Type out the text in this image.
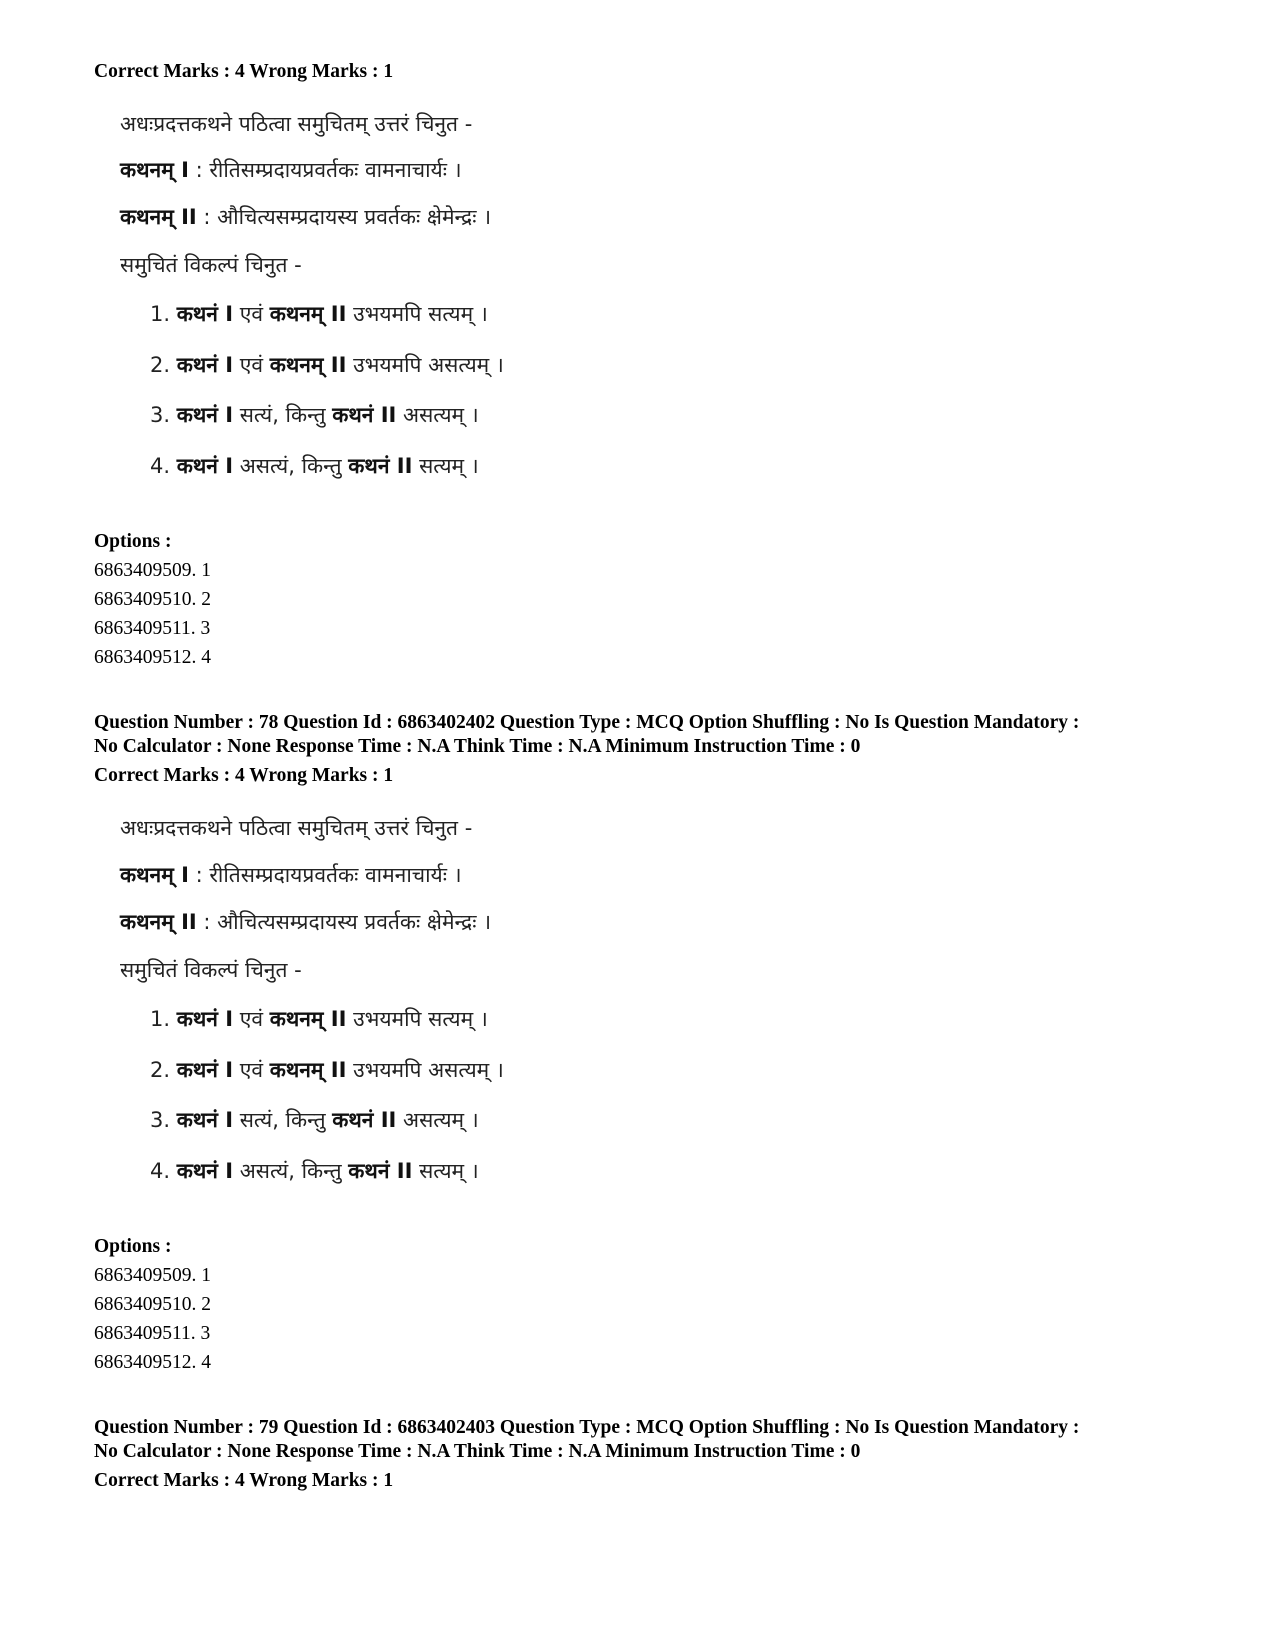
Correct Marks : 4 Wrong Marks : 1
अधःप्रदत्तकथने पठित्वा समुचितम् उत्तरं चिनुत -
कथनम् I : रीतिसम्प्रदायप्रवर्तकः वामनाचार्यः ।
कथनम् II : औचित्यसम्प्रदायस्य प्रवर्तकः क्षेमेन्द्रः ।
समुचितं विकल्पं चिनुत -
1. कथनं I एवं कथनम् II उभयमपि सत्यम् ।
2. कथनं I एवं कथनम् II उभयमपि असत्यम् ।
3. कथनं I सत्यं, किन्तु कथनं II असत्यम् ।
4. कथनं I असत्यं, किन्तु कथनं II सत्यम् ।
Options :
6863409509. 1
6863409510. 2
6863409511. 3
6863409512. 4
Question Number : 78 Question Id : 6863402402 Question Type : MCQ Option Shuffling : No Is Question Mandatory :
No Calculator : None Response Time : N.A Think Time : N.A Minimum Instruction Time : 0
Correct Marks : 4 Wrong Marks : 1
अधःप्रदत्तकथने पठित्वा समुचितम् उत्तरं चिनुत -
कथनम् I : रीतिसम्प्रदायप्रवर्तकः वामनाचार्यः ।
कथनम् II : औचित्यसम्प्रदायस्य प्रवर्तकः क्षेमेन्द्रः ।
समुचितं विकल्पं चिनुत -
1. कथनं I एवं कथनम् II उभयमपि सत्यम् ।
2. कथनं I एवं कथनम् II उभयमपि असत्यम् ।
3. कथनं I सत्यं, किन्तु कथनं II असत्यम् ।
4. कथनं I असत्यं, किन्तु कथनं II सत्यम् ।
Options :
6863409509. 1
6863409510. 2
6863409511. 3
6863409512. 4
Question Number : 79 Question Id : 6863402403 Question Type : MCQ Option Shuffling : No Is Question Mandatory :
No Calculator : None Response Time : N.A Think Time : N.A Minimum Instruction Time : 0
Correct Marks : 4 Wrong Marks : 1
